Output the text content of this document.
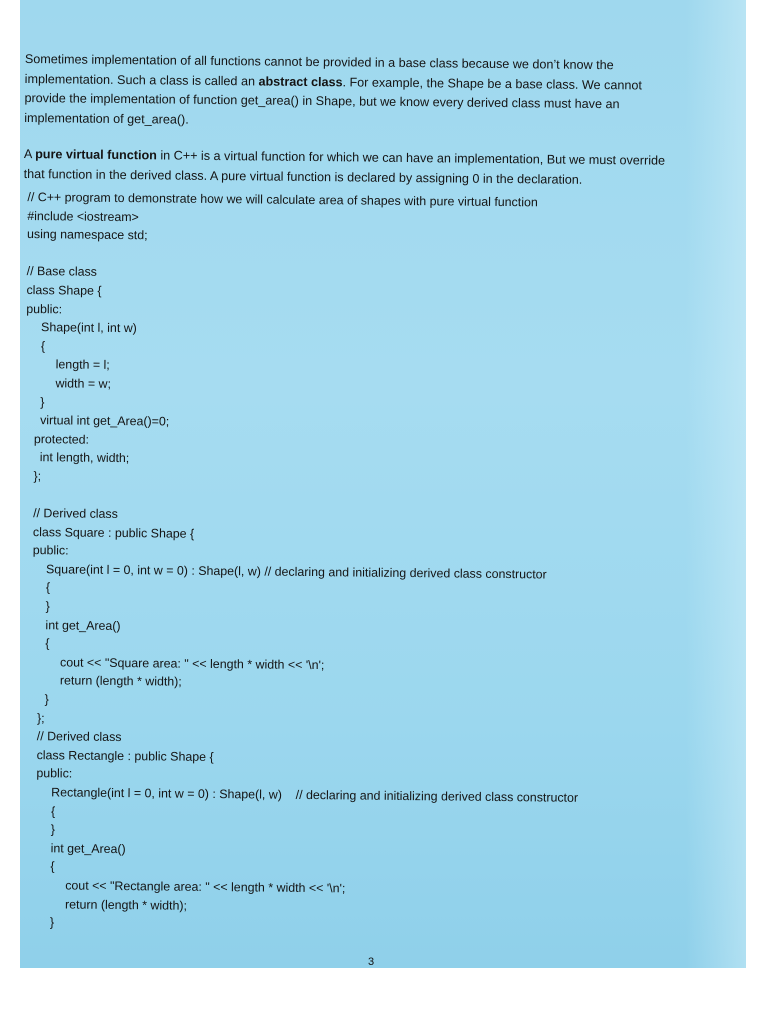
Sometimes implementation of all functions cannot be provided in a base class because we don’t know the implementation. Such a class is called an abstract class. For example, the Shape be a base class. We cannot provide the implementation of function get_area() in Shape, but we know every derived class must have an implementation of get_area().

A pure virtual function in C++ is a virtual function for which we can have an implementation, But we must override that function in the derived class. A pure virtual function is declared by assigning 0 in the declaration.

// C++ program to demonstrate how we will calculate area of shapes with pure virtual function
#include <iostream>
using namespace std;
// Base class
class Shape {
public:
Shape(int l, int w)
{
length = l;
width = w;
}
virtual int get_Area()=0;
protected:
int length, width;
};
// Derived class
class Square : public Shape {
public:
Square(int l = 0, int w = 0) : Shape(l, w) // declaring and initializing derived class constructor
{
}
int get_Area()
{
cout << "Square area: " << length * width << '\n';
return (length * width);
}
};
// Derived class
class Rectangle : public Shape {
public:
Rectangle(int l = 0, int w = 0) : Shape(l, w)    // declaring and initializing derived class constructor
{
}
int get_Area()
{
cout << "Rectangle area: " << length * width << '\n';
return (length * width);
}
3
